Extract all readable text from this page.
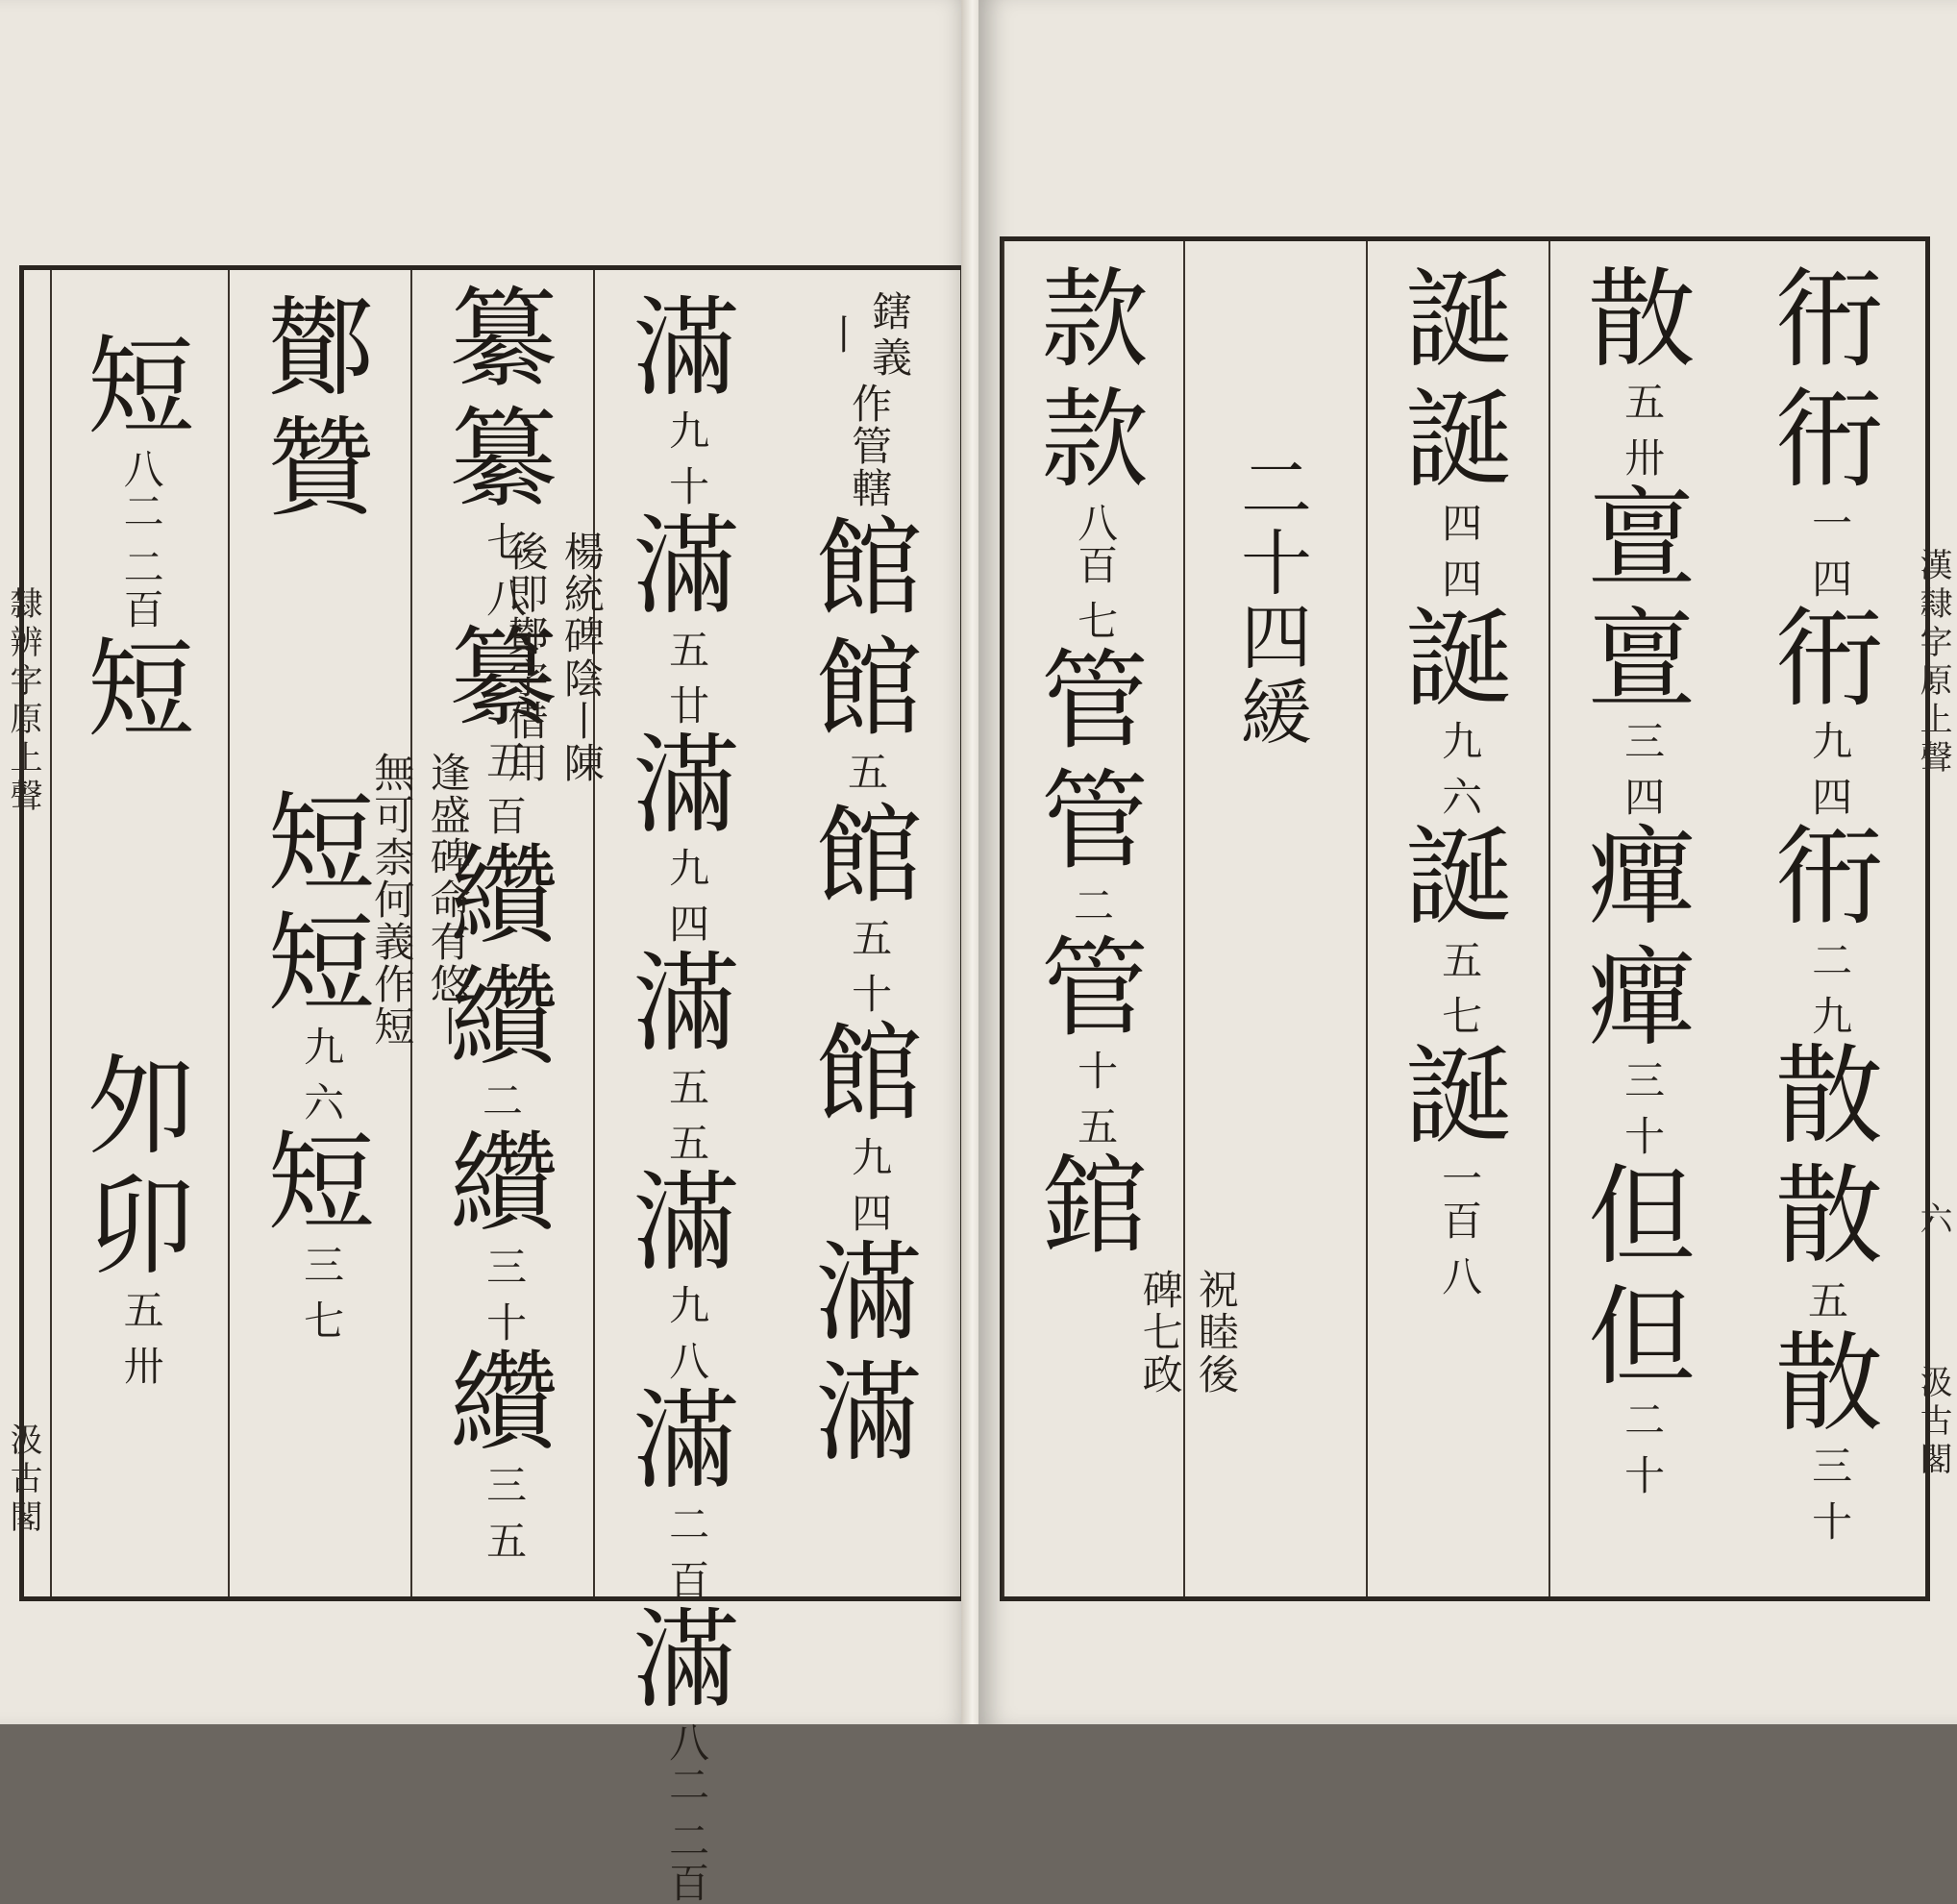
丨 鎋
義
作管轄
館
館
五
館
五
十
館
九
四
滿
滿
滿
九
十
滿
五
廿
滿
九
四
滿
五
五
滿
九
八
滿
二
百
滿
八二
二百
纂
纂
七
八
纂
五
百
纘
纘
二
纘
三
十
纘
三
五
鄼
贊
楊統碑陰丨陳
後即鄼字借用
短
短
九
六
短
三
七
短
八二
二百
短
逢盛碑命有悠丨
無可柰何義作短
夘
卯
五
卅
隸辨字原上聲
汲古閣
衎
衎
一
四
衎
九
四
衎
二
九
散
散
五
散
三
十
散
五
卅
亶
亶
三
四
癉
癉
三
十
但
但
二
十
誕
誕
四
四
誕
九
六
誕
五
七
誕
一百
八
二
十
四
緩
款
款
八百
七
管
管
二
管
十
五
錧
祝睦後
碑七政
漢隸字原上聲
六
汲古閣
